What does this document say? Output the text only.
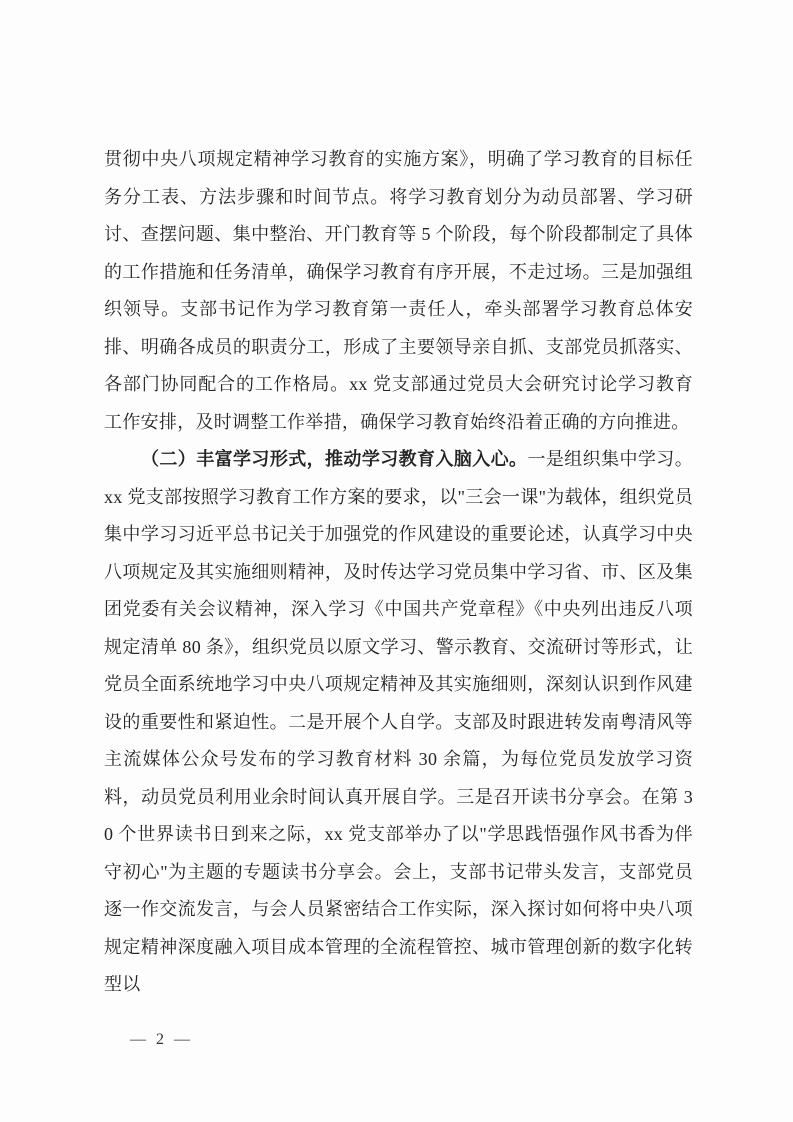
贯彻中央八项规定精神学习教育的实施方案》，明确了学习教育的目标任务分工表、方法步骤和时间节点。将学习教育划分为动员部署、学习研讨、查摆问题、集中整治、开门教育等 5 个阶段，每个阶段都制定了具体的工作措施和任务清单，确保学习教育有序开展，不走过场。三是加强组织领导。支部书记作为学习教育第一责任人，牵头部署学习教育总体安排、明确各成员的职责分工，形成了主要领导亲自抓、支部党员抓落实、各部门协同配合的工作格局。xx 党支部通过党员大会研究讨论学习教育工作安排，及时调整工作举措，确保学习教育始终沿着正确的方向推进。

（二）丰富学习形式，推动学习教育入脑入心。一是组织集中学习。xx 党支部按照学习教育工作方案的要求，以"三会一课"为载体，组织党员集中学习习近平总书记关于加强党的作风建设的重要论述，认真学习中央八项规定及其实施细则精神，及时传达学习党员集中学习省、市、区及集团党委有关会议精神，深入学习《中国共产党章程》《中央列出违反八项规定清单 80 条》，组织党员以原文学习、警示教育、交流研讨等形式，让党员全面系统地学习中央八项规定精神及其实施细则，深刻认识到作风建设的重要性和紧迫性。二是开展个人自学。支部及时跟进转发南粤清风等主流媒体公众号发布的学习教育材料 30 余篇，为每位党员发放学习资料，动员党员利用业余时间认真开展自学。三是召开读书分享会。在第 30 个世界读书日到来之际，xx 党支部举办了以"学思践悟强作风书香为伴守初心"为主题的专题读书分享会。会上，支部书记带头发言，支部党员逐一作交流发言，与会人员紧密结合工作实际，深入探讨如何将中央八项规定精神深度融入项目成本管理的全流程管控、城市管理创新的数字化转型以

— 2 —
